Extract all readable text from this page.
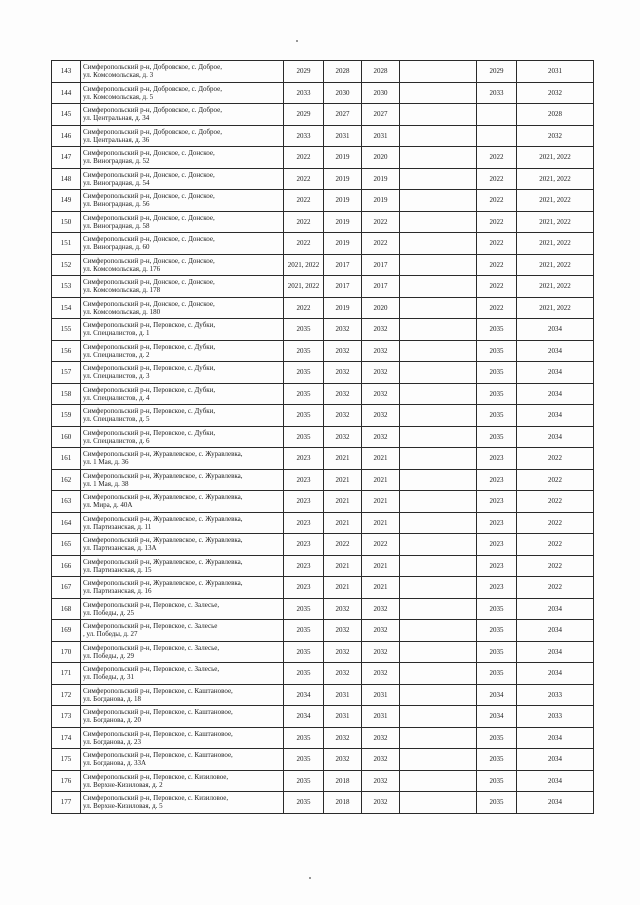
143	Симферопольский р-н, Добровское, с. Доброе,
ул. Комсомольская, д. 3	2029	2028	2028		2029	2031
144	Симферопольский р-н, Добровское, с. Доброе,
ул. Комсомольская, д. 5	2033	2030	2030		2033	2032
145	Симферопольский р-н, Добровское, с. Доброе,
ул. Центральная, д. 34	2029	2027	2027			2028
146	Симферопольский р-н, Добровское, с. Доброе,
ул. Центральная, д. 36	2033	2031	2031			2032
147	Симферопольский р-н, Донское, с. Донское,
ул. Виноградная, д. 52	2022	2019	2020		2022	2021, 2022
148	Симферопольский р-н, Донское, с. Донское,
ул. Виноградная, д. 54	2022	2019	2019		2022	2021, 2022
149	Симферопольский р-н, Донское, с. Донское,
ул. Виноградная, д. 56	2022	2019	2019		2022	2021, 2022
150	Симферопольский р-н, Донское, с. Донское,
ул. Виноградная, д. 58	2022	2019	2022		2022	2021, 2022
151	Симферопольский р-н, Донское, с. Донское,
ул. Виноградная, д. 60	2022	2019	2022		2022	2021, 2022
152	Симферопольский р-н, Донское, с. Донское,
ул. Комсомольская, д. 176	2021, 2022	2017	2017		2022	2021, 2022
153	Симферопольский р-н, Донское, с. Донское,
ул. Комсомольская, д. 178	2021, 2022	2017	2017		2022	2021, 2022
154	Симферопольский р-н, Донское, с. Донское,
ул. Комсомольская, д. 180	2022	2019	2020		2022	2021, 2022
155	Симферопольский р-н, Перовское, с. Дубки,
ул. Специалистов, д. 1	2035	2032	2032		2035	2034
156	Симферопольский р-н, Перовское, с. Дубки,
ул. Специалистов, д. 2	2035	2032	2032		2035	2034
157	Симферопольский р-н, Перовское, с. Дубки,
ул. Специалистов, д. 3	2035	2032	2032		2035	2034
158	Симферопольский р-н, Перовское, с. Дубки,
ул. Специалистов, д. 4	2035	2032	2032		2035	2034
159	Симферопольский р-н, Перовское, с. Дубки,
ул. Специалистов, д. 5	2035	2032	2032		2035	2034
160	Симферопольский р-н, Перовское, с. Дубки,
ул. Специалистов, д. 6	2035	2032	2032		2035	2034
161	Симферопольский р-н, Журавлевское, с. Журавлевка,
ул. 1 Мая, д. 36	2023	2021	2021		2023	2022
162	Симферопольский р-н, Журавлевское, с. Журавлевка,
ул. 1 Мая, д. 38	2023	2021	2021		2023	2022
163	Симферопольский р-н, Журавлевское, с. Журавлевка,
ул. Мира, д. 40А	2023	2021	2021		2023	2022
164	Симферопольский р-н, Журавлевское, с. Журавлевка,
ул. Партизанская, д. 11	2023	2021	2021		2023	2022
165	Симферопольский р-н, Журавлевское, с. Журавлевка,
ул. Партизанская, д. 13А	2023	2022	2022		2023	2022
166	Симферопольский р-н, Журавлевское, с. Журавлевка,
ул. Партизанская, д. 15	2023	2021	2021		2023	2022
167	Симферопольский р-н, Журавлевское, с. Журавлевка,
ул. Партизанская, д. 16	2023	2021	2021		2023	2022
168	Симферопольский р-н, Перовское, с. Залесье,
ул. Победы, д. 25	2035	2032	2032		2035	2034
169	Симферопольский р-н, Перовское, с. Залесье
, ул. Победы, д. 27	2035	2032	2032		2035	2034
170	Симферопольский р-н, Перовское, с. Залесье,
ул. Победы, д. 29	2035	2032	2032		2035	2034
171	Симферопольский р-н, Перовское, с. Залесье,
ул. Победы, д. 31	2035	2032	2032		2035	2034
172	Симферопольский р-н, Перовское, с. Каштановое,
ул. Богданова, д. 18	2034	2031	2031		2034	2033
173	Симферопольский р-н, Перовское, с. Каштановое,
ул. Богданова, д. 20	2034	2031	2031		2034	2033
174	Симферопольский р-н, Перовское, с. Каштановое,
ул. Богданова, д. 23	2035	2032	2032		2035	2034
175	Симферопольский р-н, Перовское, с. Каштановое,
ул. Богданова, д. 33А	2035	2032	2032		2035	2034
176	Симферопольский р-н, Перовское, с. Кизиловое,
ул. Верхне-Кизиловая, д. 2	2035	2018	2032		2035	2034
177	Симферопольский р-н, Перовское, с. Кизиловое,
ул. Верхне-Кизиловая, д. 5	2035	2018	2032		2035	2034
